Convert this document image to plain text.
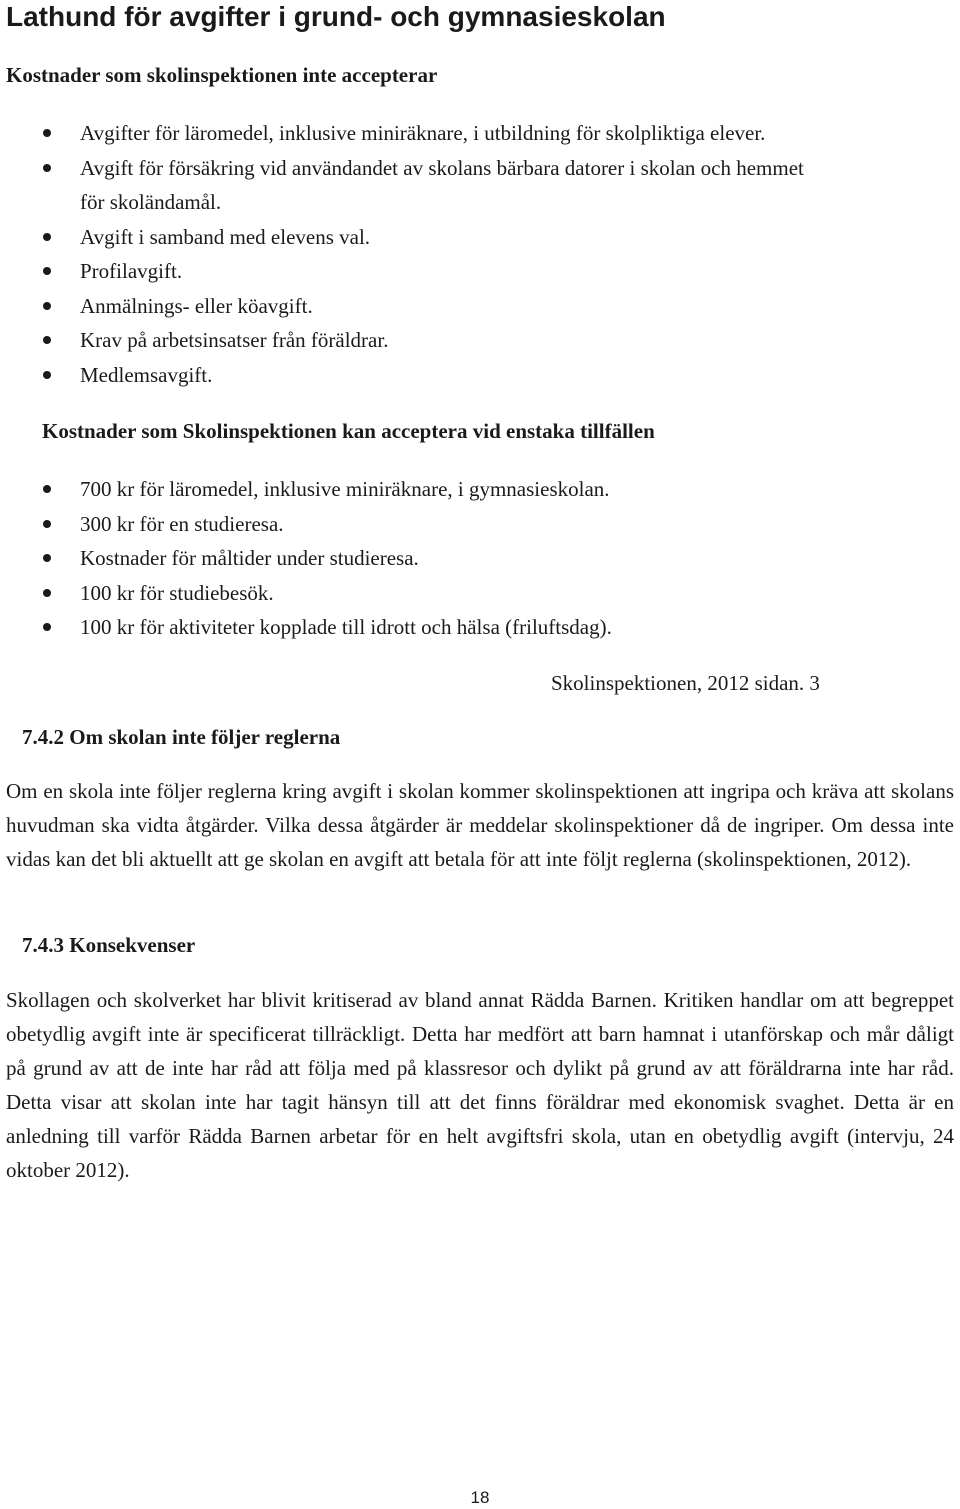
Lathund för avgifter i grund- och gymnasieskolan
Kostnader som skolinspektionen inte accepterar
Avgifter för läromedel, inklusive miniräknare, i utbildning för skolpliktiga elever.
Avgift för försäkring vid användandet av skolans bärbara datorer i skolan och hemmet
för skoländamål.
Avgift i samband med elevens val.
Profilavgift.
Anmälnings- eller köavgift.
Krav på arbetsinsatser från föräldrar.
Medlemsavgift.
Kostnader som Skolinspektionen kan acceptera vid enstaka tillfällen
700 kr för läromedel, inklusive miniräknare, i gymnasieskolan.
300 kr för en studieresa.
Kostnader för måltider under studieresa.
100 kr för studiebesök.
100 kr för aktiviteter kopplade till idrott och hälsa (friluftsdag).
Skolinspektionen, 2012 sidan. 3
7.4.2 Om skolan inte följer reglerna

Om en skola inte följer reglerna kring avgift i skolan kommer skolinspektionen att ingripa och kräva att skolans huvudman ska vidta åtgärder. Vilka dessa åtgärder är meddelar skolinspektioner då de ingriper. Om dessa inte vidas kan det bli aktuellt att ge skolan en avgift att betala för att inte följt reglerna (skolinspektionen, 2012).

7.4.3 Konsekvenser

Skollagen och skolverket har blivit kritiserad av bland annat Rädda Barnen. Kritiken handlar om att begreppet obetydlig avgift inte är specificerat tillräckligt. Detta har medfört att barn hamnat i utanförskap och mår dåligt på grund av att de inte har råd att följa med på klassresor och dylikt på grund av att föräldrarna inte har råd. Detta visar att skolan inte har tagit hänsyn till att det finns föräldrar med ekonomisk svaghet. Detta är en anledning till varför Rädda Barnen arbetar för en helt avgiftsfri skola, utan en obetydlig avgift (intervju, 24 oktober 2012).

18
